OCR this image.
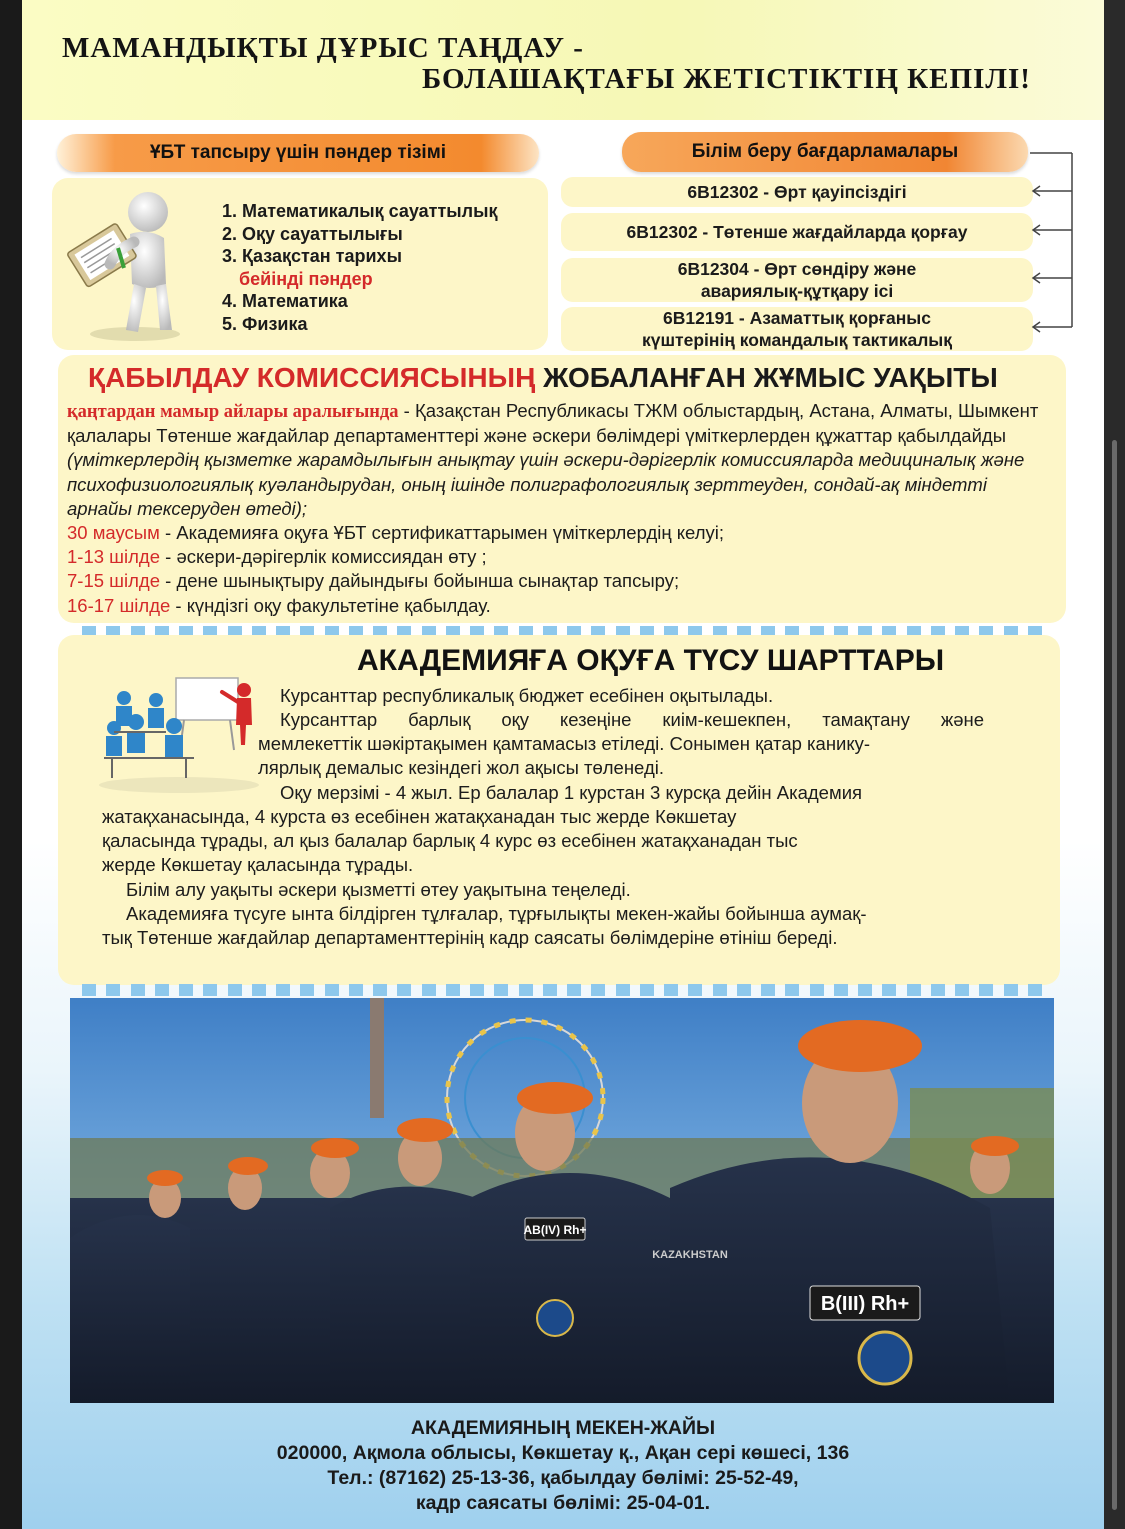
МАМАНДЫҚТЫ ДҰРЫС ТАҢДАУ -
БОЛАШАҚТАҒЫ ЖЕТІСТІКТІҢ КЕПІЛІ!
ҰБТ тапсыру үшін пәндер тізімі
1. Математикалық сауаттылық
2. Оқу сауаттылығы
3. Қазақстан тарихы
бейінді пәндер
4. Математика
5. Физика
Білім беру бағдарламалары
6В12302 - Өрт қауіпсіздігі
6В12302 - Төтенше жағдайларда қорғау
6В12304 - Өрт сөндіру және
авариялық-құтқару ісі
6В12191 - Азаматтық қорғаныс
күштерінің командалық тактикалық
ҚАБЫЛДАУ КОМИССИЯСЫНЫҢ ЖОБАЛАНҒАН ЖҰМЫС УАҚЫТЫ

қаңтардан мамыр айлары аралығында - Қазақстан Республикасы ТЖМ облыстардың, Астана, Алматы, Шымкент қалалары Төтенше жағдайлар департаменттері және әскери бөлімдері үміткерлерден құжаттар қабылдайды (үміткерлердің қызметке жарамдылығын анықтау үшін әскери-дәрігерлік комиссияларда медициналық және психофизиологиялық куәландырудан, оның ішінде полиграфологиялық зерттеуден, сондай-ақ міндетті арнайы тексеруден өтеді);

30 маусым - Академияға оқуға ҰБТ сертификаттарымен үміткерлердің келуі;

1-13 шілде - әскери-дәрігерлік комиссиядан өту ;

7-15 шілде - дене шынықтыру дайындығы бойынша сынақтар тапсыру;

16-17 шілде - күндізгі оқу факультетіне қабылдау.

АКАДЕМИЯҒА ОҚУҒА ТҮСУ ШАРТТАРЫ
Курсанттар республикалық бюджет есебінен оқытылады.
Курсанттар барлық оқу кезеңіне киім-кешекпен, тамақтану және
мемлекеттік шәкіртақымен қамтамасыз етіледі. Сонымен қатар канику-
лярлық демалыс кезіндегі жол ақысы төленеді.
Оқу мерзімі - 4 жыл. Ер балалар 1 курстан 3 курсқа дейін Академия
жатақханасында, 4 курста өз есебінен жатақханадан тыс жерде Көкшетау
қаласында тұрады, ал қыз балалар барлық 4 курс өз есебінен жатақханадан тыс
жерде Көкшетау қаласында тұрады.
Білім алу уақыты әскери қызметті өтеу уақытына теңеледі.
Академияға түсуге ынта білдірген тұлғалар, тұрғылықты мекен-жайы бойынша аумақ-
тық Төтенше жағдайлар департаменттерінің кадр саясаты бөлімдеріне өтініш береді.
B(III) Rh+
AB(IV) Rh+
KAZAKHSTAN
АКАДЕМИЯНЫҢ МЕКЕН-ЖАЙЫ
020000, Ақмола облысы, Көкшетау қ., Ақан сері көшесі, 136
Тел.: (87162) 25-13-36, қабылдау бөлімі: 25-52-49,
кадр саясаты бөлімі: 25-04-01.
